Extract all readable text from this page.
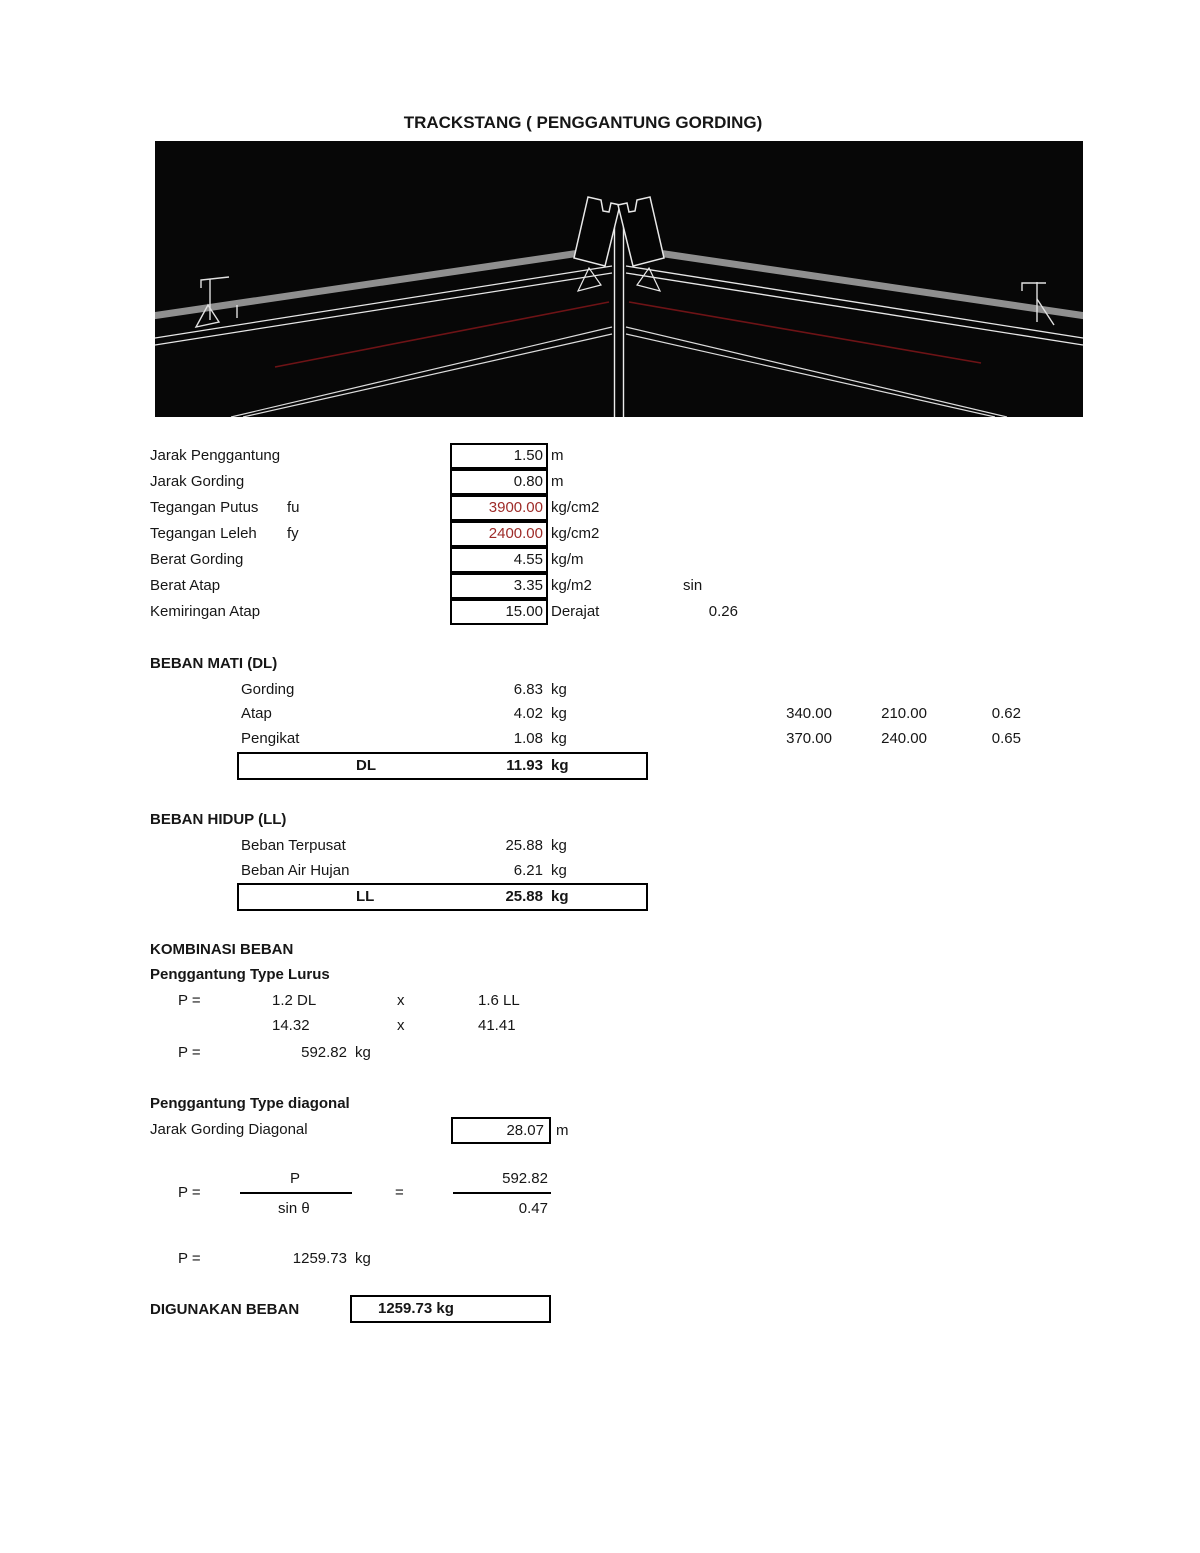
TRACKSTANG ( PENGGANTUNG GORDING)
Jarak Penggantung	1.50 m
Jarak Gording	0.80 m
Tegangan Putus fu	3900.00 kg/cm2
Tegangan Leleh fy	2400.00 kg/cm2
Berat Gording	4.55 kg/m
Berat Atap	3.35 kg/m2	sin
Kemiringan Atap	15.00 Derajat	0.26
BEBAN MATI (DL)
Gording	6.83 kg
Atap	4.02 kg	340.00	210.00	0.62
Pengikat	1.08 kg	370.00	240.00	0.65
DL	11.93 kg
BEBAN HIDUP (LL)
Beban Terpusat	25.88 kg
Beban Air Hujan	6.21 kg
LL	25.88 kg
KOMBINASI BEBAN
Penggantung Type Lurus
P =	1.2 DL	x	1.6 LL
14.32	x	41.41
P =	592.82 kg
Penggantung Type diagonal
Jarak Gording Diagonal	28.07 m
P =
P
sin θ
=
592.82
0.47
P =	1259.73 kg
DIGUNAKAN BEBAN	1259.73 kg
